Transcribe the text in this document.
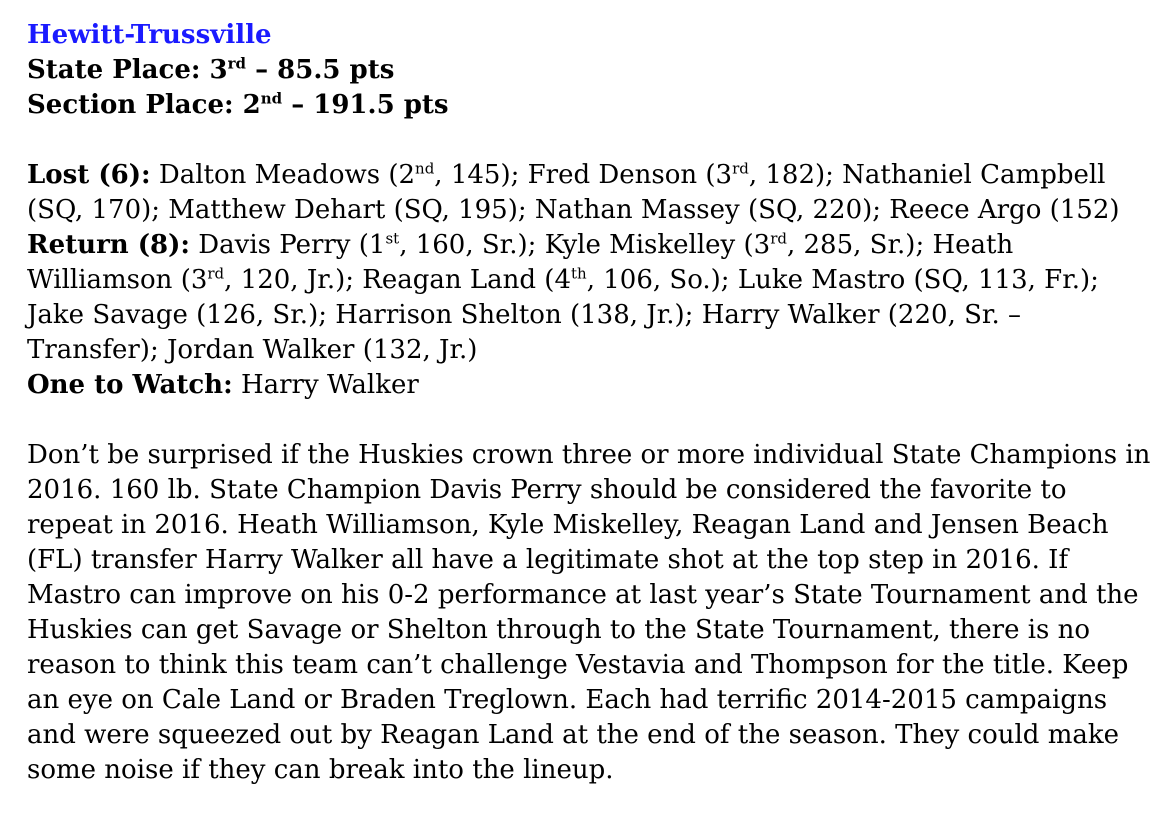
Hewitt-Trussville
State Place: 3rd – 85.5 pts
Section Place: 2nd – 191.5 pts
Lost (6): Dalton Meadows (2nd, 145); Fred Denson (3rd, 182); Nathaniel Campbell
(SQ, 170); Matthew Dehart (SQ, 195); Nathan Massey (SQ, 220); Reece Argo (152)
Return (8): Davis Perry (1st, 160, Sr.); Kyle Miskelley (3rd, 285, Sr.); Heath
Williamson (3rd, 120, Jr.); Reagan Land (4th, 106, So.); Luke Mastro (SQ, 113, Fr.);
Jake Savage (126, Sr.); Harrison Shelton (138, Jr.); Harry Walker (220, Sr. –
Transfer); Jordan Walker (132, Jr.)
One to Watch: Harry Walker
Don’t be surprised if the Huskies crown three or more individual State Champions in
2016. 160 lb. State Champion Davis Perry should be considered the favorite to
repeat in 2016. Heath Williamson, Kyle Miskelley, Reagan Land and Jensen Beach
(FL) transfer Harry Walker all have a legitimate shot at the top step in 2016. If
Mastro can improve on his 0-2 performance at last year’s State Tournament and the
Huskies can get Savage or Shelton through to the State Tournament, there is no
reason to think this team can’t challenge Vestavia and Thompson for the title. Keep
an eye on Cale Land or Braden Treglown. Each had terrific 2014-2015 campaigns
and were squeezed out by Reagan Land at the end of the season. They could make
some noise if they can break into the lineup.
